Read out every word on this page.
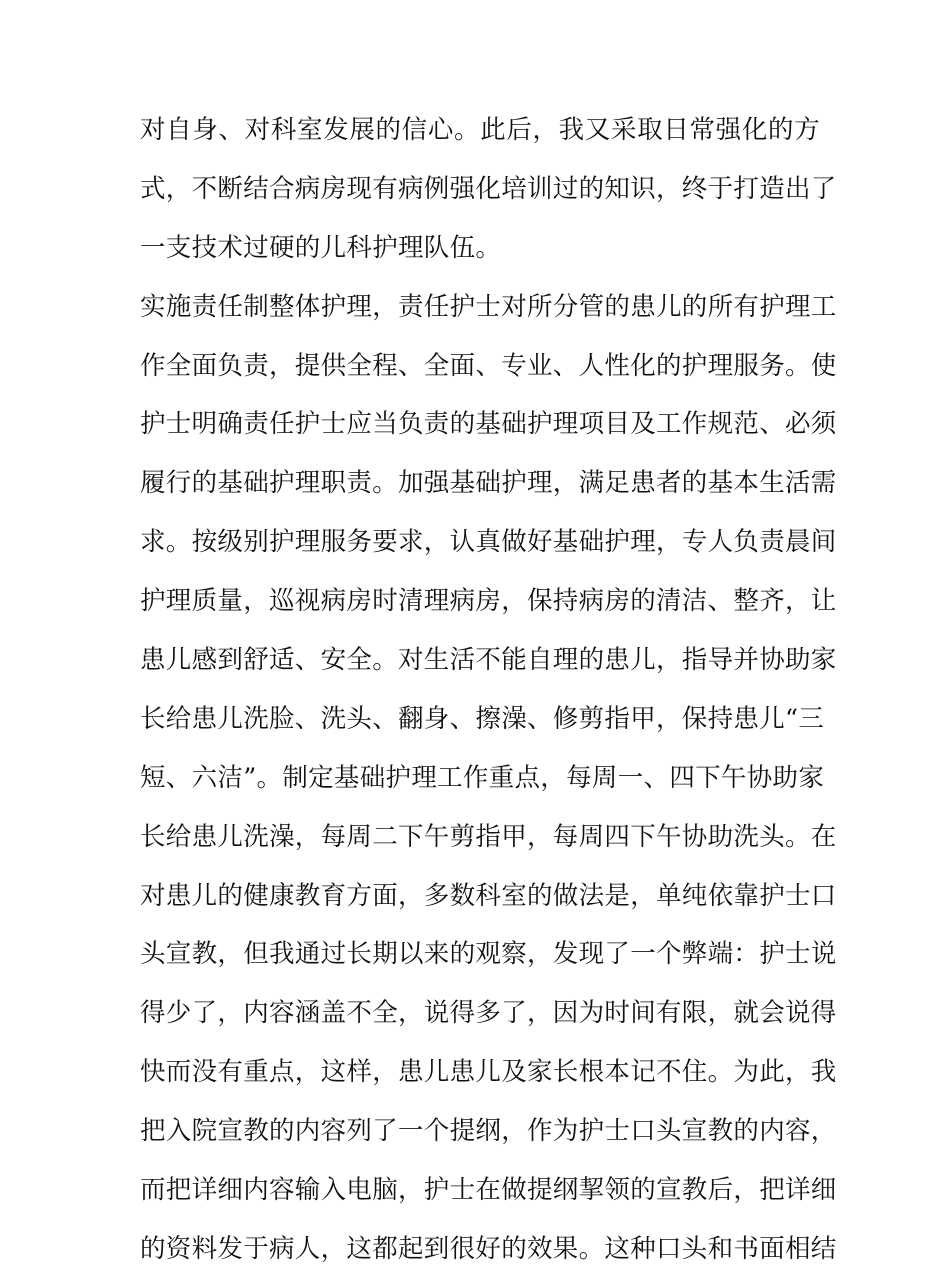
对自身、对科室发展的信心。此后，我又采取日常强化的方
式，不断结合病房现有病例强化培训过的知识，终于打造出了
一支技术过硬的儿科护理队伍。
实施责任制整体护理，责任护士对所分管的患儿的所有护理工
作全面负责，提供全程、全面、专业、人性化的护理服务。使
护士明确责任护士应当负责的基础护理项目及工作规范、必须
履行的基础护理职责。加强基础护理，满足患者的基本生活需
求。按级别护理服务要求，认真做好基础护理，专人负责晨间
护理质量，巡视病房时清理病房，保持病房的清洁、整齐，让
患儿感到舒适、安全。对生活不能自理的患儿，指导并协助家
长给患儿洗脸、洗头、翻身、擦澡、修剪指甲，保持患儿“三
短、六洁”。制定基础护理工作重点，每周一、四下午协助家
长给患儿洗澡，每周二下午剪指甲，每周四下午协助洗头。在
对患儿的健康教育方面，多数科室的做法是，单纯依靠护士口
头宣教，但我通过长期以来的观察，发现了一个弊端：护士说
得少了，内容涵盖不全，说得多了，因为时间有限，就会说得
快而没有重点，这样，患儿患儿及家长根本记不住。为此，我
把入院宣教的内容列了一个提纲，作为护士口头宣教的内容，
而把详细内容输入电脑，护士在做提纲挈领的宣教后，把详细
的资料发于病人，这都起到很好的效果。这种口头和书面相结
